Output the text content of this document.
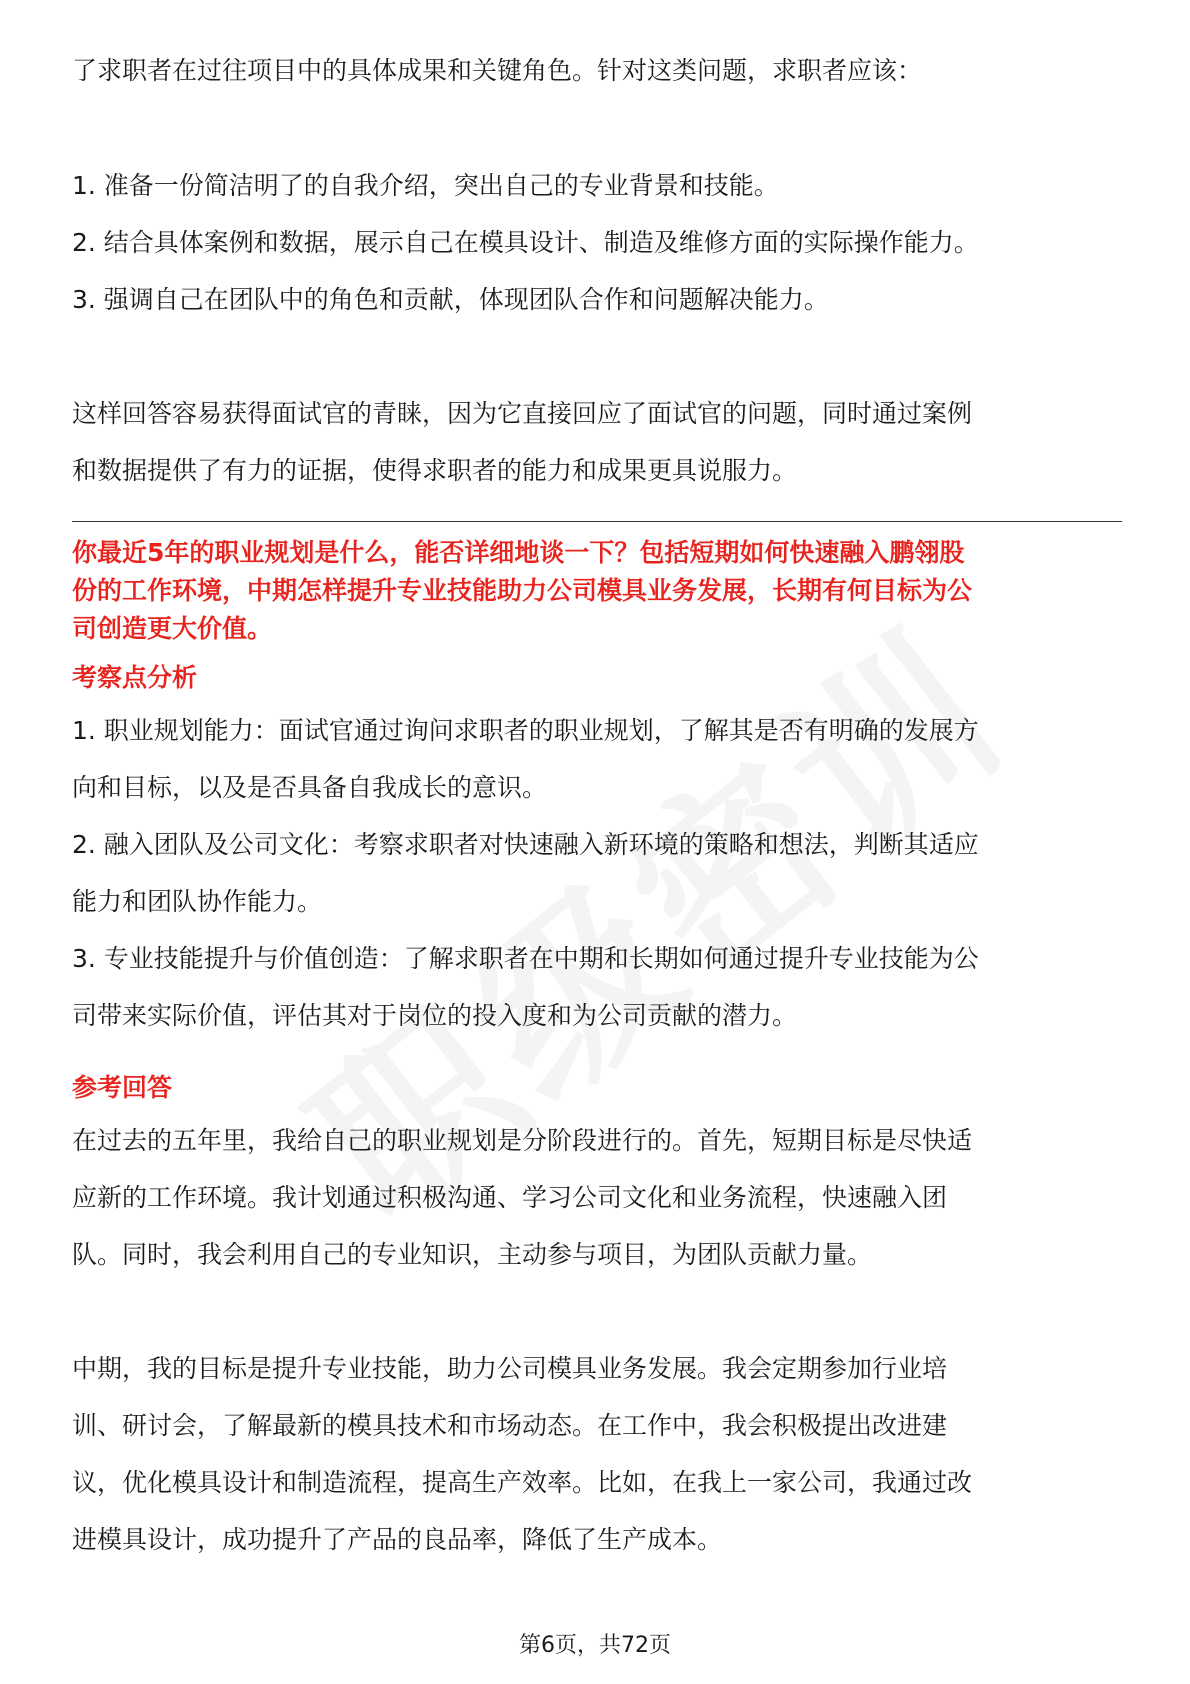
了求职者在过往项目中的具体成果和关键角色。针对这类问题，求职者应该：

1. 准备一份简洁明了的自我介绍，突出自己的专业背景和技能。

2. 结合具体案例和数据，展示自己在模具设计、制造及维修方面的实际操作能力。

3. 强调自己在团队中的角色和贡献，体现团队合作和问题解决能力。

这样回答容易获得面试官的青睐，因为它直接回应了面试官的问题，同时通过案例

和数据提供了有力的证据，使得求职者的能力和成果更具说服力。

你最近5年的职业规划是什么，能否详细地谈一下？包括短期如何快速融入鹏翎股

份的工作环境，中期怎样提升专业技能助力公司模具业务发展，长期有何目标为公

司创造更大价值。

考察点分析

1. 职业规划能力：面试官通过询问求职者的职业规划，了解其是否有明确的发展方

向和目标，以及是否具备自我成长的意识。

2. 融入团队及公司文化：考察求职者对快速融入新环境的策略和想法，判断其适应

能力和团队协作能力。

3. 专业技能提升与价值创造：了解求职者在中期和长期如何通过提升专业技能为公

司带来实际价值，评估其对于岗位的投入度和为公司贡献的潜力。

参考回答

在过去的五年里，我给自己的职业规划是分阶段进行的。首先，短期目标是尽快适

应新的工作环境。我计划通过积极沟通、学习公司文化和业务流程，快速融入团

队。同时，我会利用自己的专业知识，主动参与项目，为团队贡献力量。

中期，我的目标是提升专业技能，助力公司模具业务发展。我会定期参加行业培

训、研讨会，了解最新的模具技术和市场动态。在工作中，我会积极提出改进建

议，优化模具设计和制造流程，提高生产效率。比如，在我上一家公司，我通过改

进模具设计，成功提升了产品的良品率，降低了生产成本。

第6页，共72页
